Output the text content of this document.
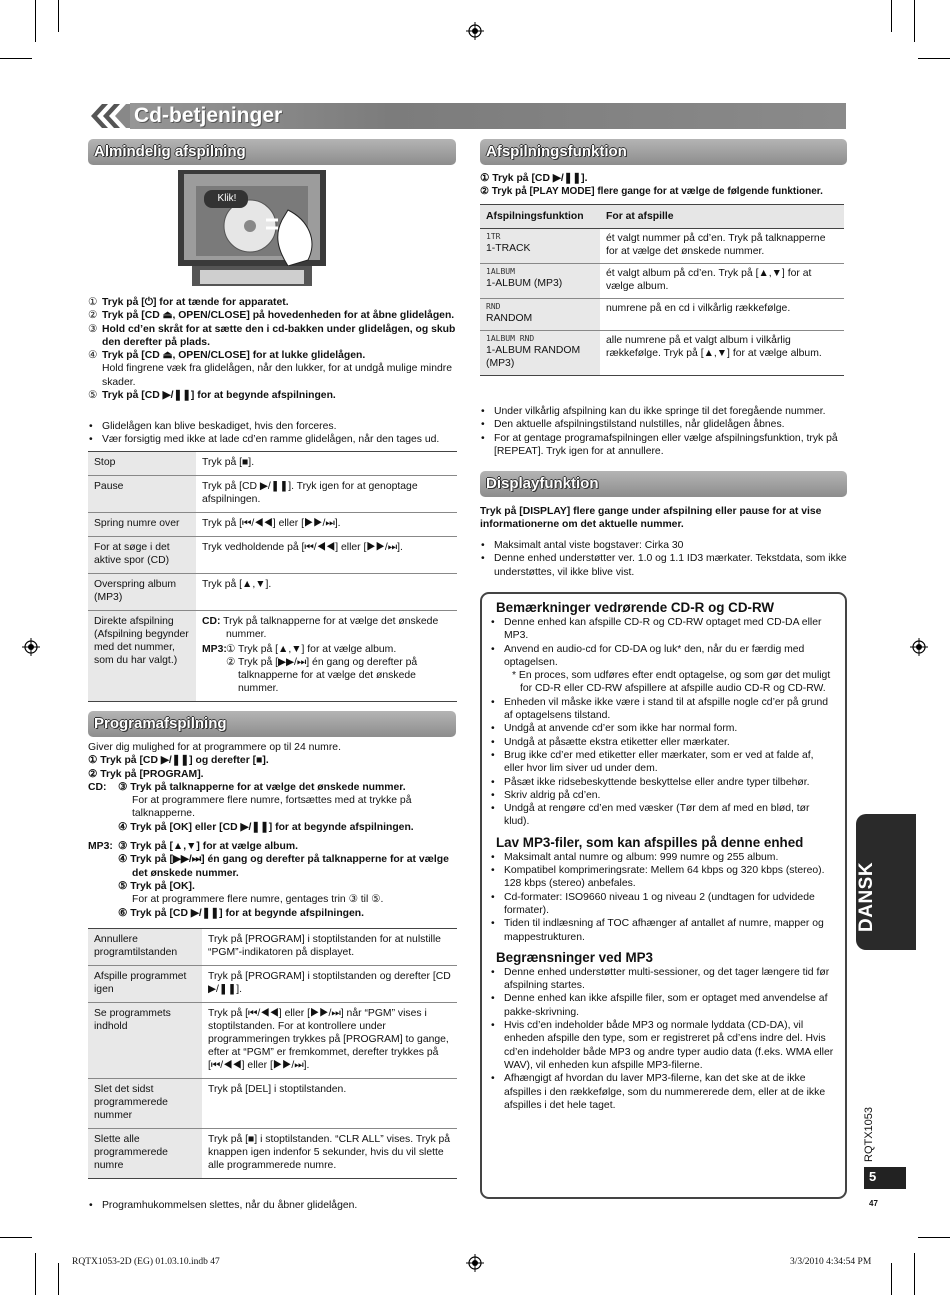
Cd-betjeninger
Almindelig afspilning
Klik!
① Tryk på [⏻] for at tænde for apparatet.
② Tryk på [CD ⏏, OPEN/CLOSE] på hovedenheden for at åbne glidelågen.
③ Hold cd’en skråt for at sætte den i cd-bakken under glidelågen, og skub den derefter på plads.
④ Tryk på [CD ⏏, OPEN/CLOSE] for at lukke glidelågen.
Hold fingrene væk fra glidelågen, når den lukker, for at undgå mulige mindre skader.
⑤ Tryk på [CD ▶/❚❚] for at begynde afspilningen.
• Glidelågen kan blive beskadiget, hvis den forceres.
• Vær forsigtig med ikke at lade cd’en ramme glidelågen, når den tages ud.
Stop	Tryk på [■].
Pause	Tryk på [CD ▶/❚❚]. Tryk igen for at genoptage afspilningen.
Spring numre over	Tryk på [⏮/◀◀] eller [▶▶/⏭].
For at søge i det aktive spor (CD)	Tryk vedholdende på [⏮/◀◀] eller [▶▶/⏭].
Overspring album (MP3)	Tryk på [▲,▼].
Direkte afspilning (Afspilning begynder med det nummer, som du har valgt.)	CD: Tryk på talknapperne for at vælge det ønskede nummer.
MP3: ① Tryk på [▲,▼] for at vælge album.
② Tryk på [▶▶/⏭] én gang og derefter på talknapperne for at vælge det ønskede nummer.
Programafspilning
Giver dig mulighed for at programmere op til 24 numre.
① Tryk på [CD ▶/❚❚] og derefter [■].
② Tryk på [PROGRAM].
CD: ③ Tryk på talknapperne for at vælge det ønskede nummer.
For at programmere flere numre, fortsættes med at trykke på talknapperne.
④ Tryk på [OK] eller [CD ▶/❚❚] for at begynde afspilningen.
MP3: ③ Tryk på [▲,▼] for at vælge album.
④ Tryk på [▶▶/⏭] én gang og derefter på talknapperne for at vælge det ønskede nummer.
⑤ Tryk på [OK].
For at programmere flere numre, gentages trin ③ til ⑤.
⑥ Tryk på [CD ▶/❚❚] for at begynde afspilningen.
Annullere programtilstanden	Tryk på [PROGRAM] i stoptilstanden for at nulstille “PGM”-indikatoren på displayet.
Afspille programmet igen	Tryk på [PROGRAM] i stoptilstanden og derefter [CD ▶/❚❚].
Se programmets indhold	Tryk på [⏮/◀◀] eller [▶▶/⏭] når “PGM” vises i stoptilstanden. For at kontrollere under programmeringen trykkes på [PROGRAM] to gange, efter at “PGM” er fremkommet, derefter trykkes på [⏮/◀◀] eller [▶▶/⏭].
Slet det sidst programmerede nummer	Tryk på [DEL] i stoptilstanden.
Slette alle programmerede numre	Tryk på [■] i stoptilstanden. “CLR ALL” vises. Tryk på knappen igen indenfor 5 sekunder, hvis du vil slette alle programmerede numre.
• Programhukommelsen slettes, når du åbner glidelågen.
Afspilningsfunktion
① Tryk på [CD ▶/❚❚].
② Tryk på [PLAY MODE] flere gange for at vælge de følgende funktioner.
Afspilningsfunktion	For at afspille

1TR
1-TRACK	ét valgt nummer på cd’en. Tryk på talknapperne for at vælge det ønskede nummer.

1ALBUM
1-ALBUM (MP3)	ét valgt album på cd’en. Tryk på [▲,▼] for at vælge album.

RND
RANDOM	numrene på en cd i vilkårlig rækkefølge.

1ALBUM RND
1-ALBUM RANDOM (MP3)	alle numrene på et valgt album i vilkårlig rækkefølge. Tryk på [▲,▼] for at vælge album.
• Under vilkårlig afspilning kan du ikke springe til det foregående nummer.
• Den aktuelle afspilningstilstand nulstilles, når glidelågen åbnes.
• For at gentage programafspilningen eller vælge afspilningsfunktion, tryk på [REPEAT]. Tryk igen for at annullere.
Displayfunktion
Tryk på [DISPLAY] flere gange under afspilning eller pause for at vise informationerne om det aktuelle nummer.
• Maksimalt antal viste bogstaver: Cirka 30
• Denne enhed understøtter ver. 1.0 og 1.1 ID3 mærkater. Tekstdata, som ikke understøttes, vil ikke blive vist.
Bemærkninger vedrørende CD-R og CD-RW
• Denne enhed kan afspille CD-R og CD-RW optaget med CD-DA eller MP3.
• Anvend en audio-cd for CD-DA og luk* den, når du er færdig med optagelsen.
* En proces, som udføres efter endt optagelse, og som gør det muligt for CD-R eller CD-RW afspillere at afspille audio CD-R og CD-RW.
• Enheden vil måske ikke være i stand til at afspille nogle cd’er på grund af optagelsens tilstand.
• Undgå at anvende cd’er som ikke har normal form.
• Undgå at påsætte ekstra etiketter eller mærkater.
• Brug ikke cd’er med etiketter eller mærkater, som er ved at falde af, eller hvor lim siver ud under dem.
• Påsæt ikke ridsebeskyttende beskyttelse eller andre typer tilbehør.
• Skriv aldrig på cd’en.
• Undgå at rengøre cd’en med væsker (Tør dem af med en blød, tør klud).
Lav MP3-filer, som kan afspilles på denne enhed
• Maksimalt antal numre og album: 999 numre og 255 album.
• Kompatibel komprimeringsrate: Mellem 64 kbps og 320 kbps (stereo). 128 kbps (stereo) anbefales.
• Cd-formater: ISO9660 niveau 1 og niveau 2 (undtagen for udvidede formater).
• Tiden til indlæsning af TOC afhænger af antallet af numre, mapper og mappestrukturen.
Begrænsninger ved MP3
• Denne enhed understøtter multi-sessioner, og det tager længere tid før afspilning startes.
• Denne enhed kan ikke afspille filer, som er optaget med anvendelse af pakke-skrivning.
• Hvis cd’en indeholder både MP3 og normale lyddata (CD-DA), vil enheden afspille den type, som er registreret på cd’ens indre del. Hvis cd’en indeholder både MP3 og andre typer audio data (f.eks. WMA eller WAV), vil enheden kun afspille MP3-filerne.
• Afhængigt af hvordan du laver MP3-filerne, kan det ske at de ikke afspilles i den rækkefølge, som du nummererede dem, eller at de ikke afspilles i det hele taget.
DANSK
RQTX1053
5
47
RQTX1053-2D (EG) 01.03.10.indb 47	3/3/2010 4:34:54 PM
